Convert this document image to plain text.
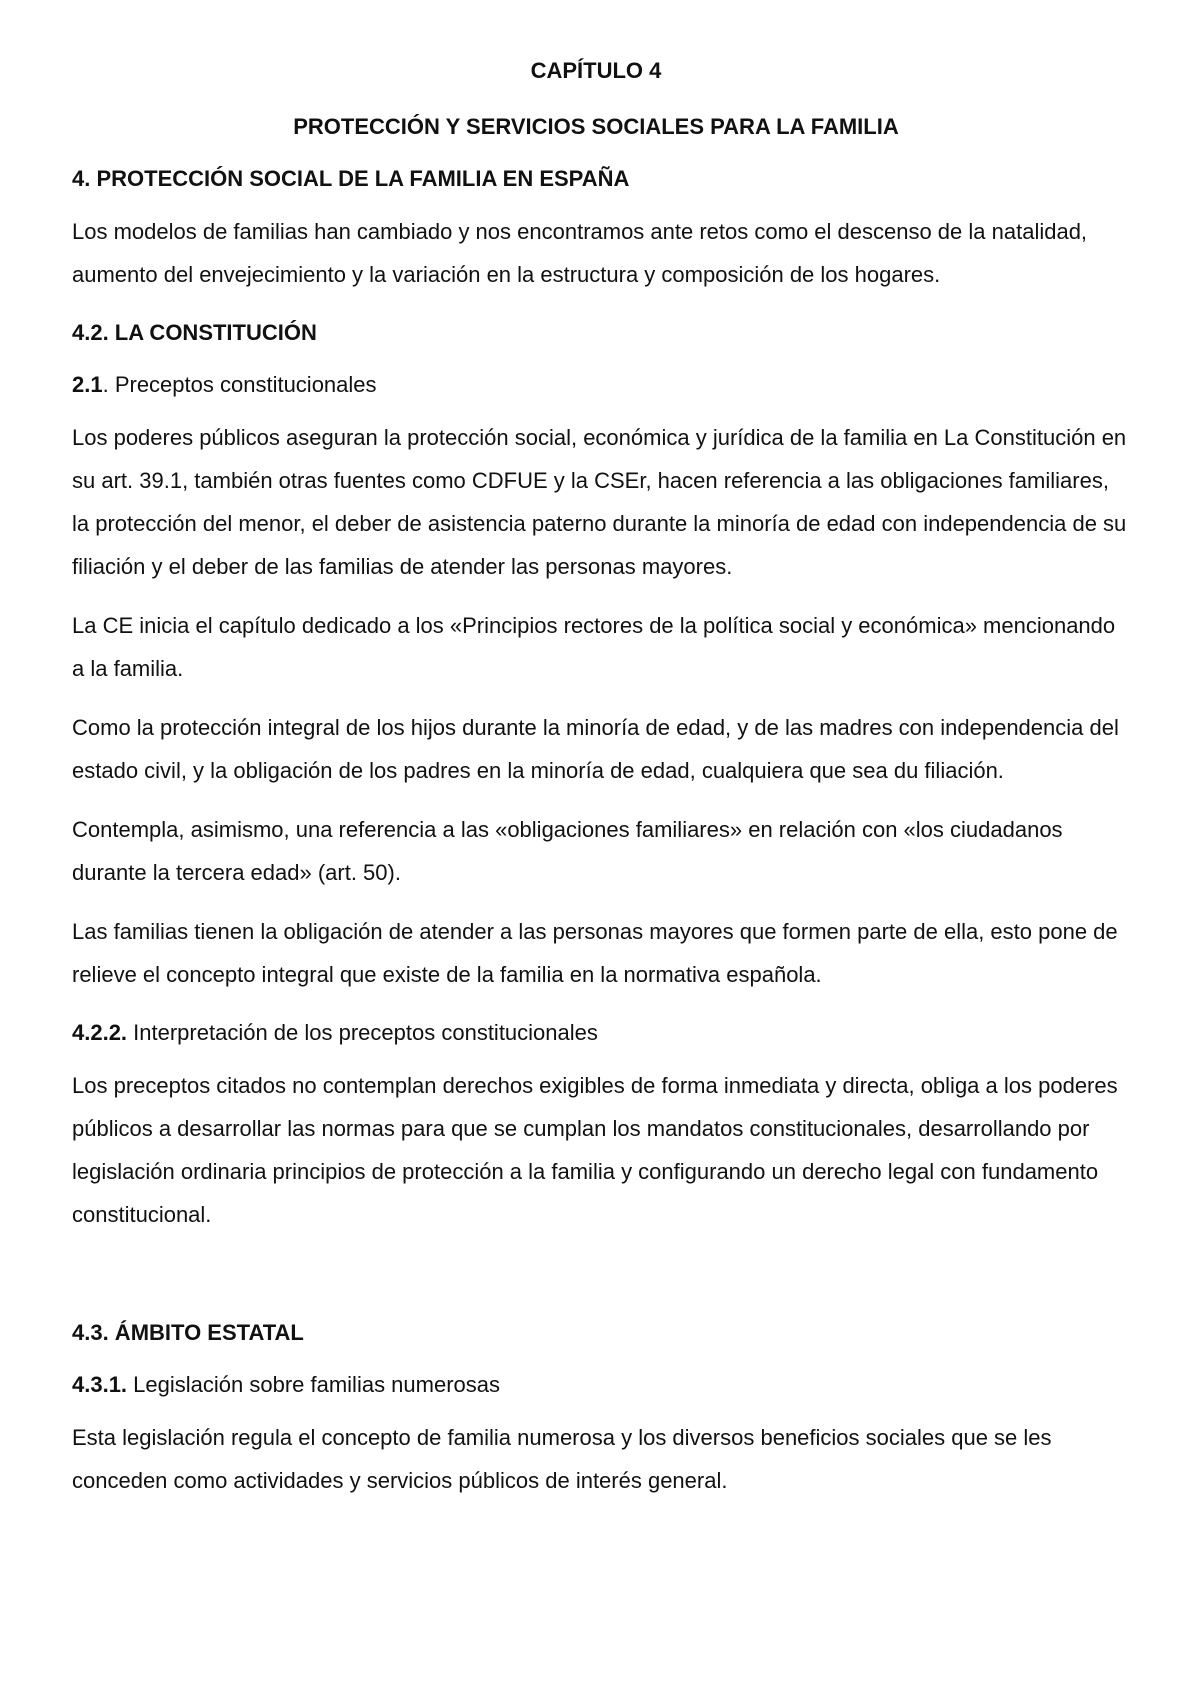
CAPÍTULO 4
PROTECCIÓN Y SERVICIOS SOCIALES PARA LA FAMILIA
4. PROTECCIÓN SOCIAL DE LA FAMILIA EN ESPAÑA

Los modelos de familias han cambiado y nos encontramos ante retos como el descenso de la natalidad, aumento del envejecimiento y la variación en la estructura y composición de los hogares.

4.2. LA CONSTITUCIÓN
2.1. Preceptos constitucionales

Los poderes públicos aseguran la protección social, económica y jurídica de la familia en La Constitución en su art. 39.1, también otras fuentes como CDFUE y la CSEr, hacen referencia a las obligaciones familiares, la protección del menor, el deber de asistencia paterno durante la minoría de edad con independencia de su filiación y el deber de las familias de atender las personas mayores.

La CE inicia el capítulo dedicado a los «Principios rectores de la política social y económica» mencionando a la familia.

Como la protección integral de los hijos durante la minoría de edad, y de las madres con independencia del estado civil, y la obligación de los padres en la minoría de edad, cualquiera que sea du filiación.

Contempla, asimismo, una referencia a las «obligaciones familiares» en relación con «los ciudadanos durante la tercera edad» (art. 50).

Las familias tienen la obligación de atender a las personas mayores que formen parte de ella, esto pone de relieve el concepto integral que existe de la familia en la normativa española.

4.2.2. Interpretación de los preceptos constitucionales

Los preceptos citados no contemplan derechos exigibles de forma inmediata y directa, obliga a los poderes públicos a desarrollar las normas para que se cumplan los mandatos constitucionales, desarrollando por legislación ordinaria principios de protección a la familia y configurando un derecho legal con fundamento constitucional.

4.3. ÁMBITO ESTATAL
4.3.1. Legislación sobre familias numerosas

Esta legislación regula el concepto de familia numerosa y los diversos beneficios sociales que se les conceden como actividades y servicios públicos de interés general.
